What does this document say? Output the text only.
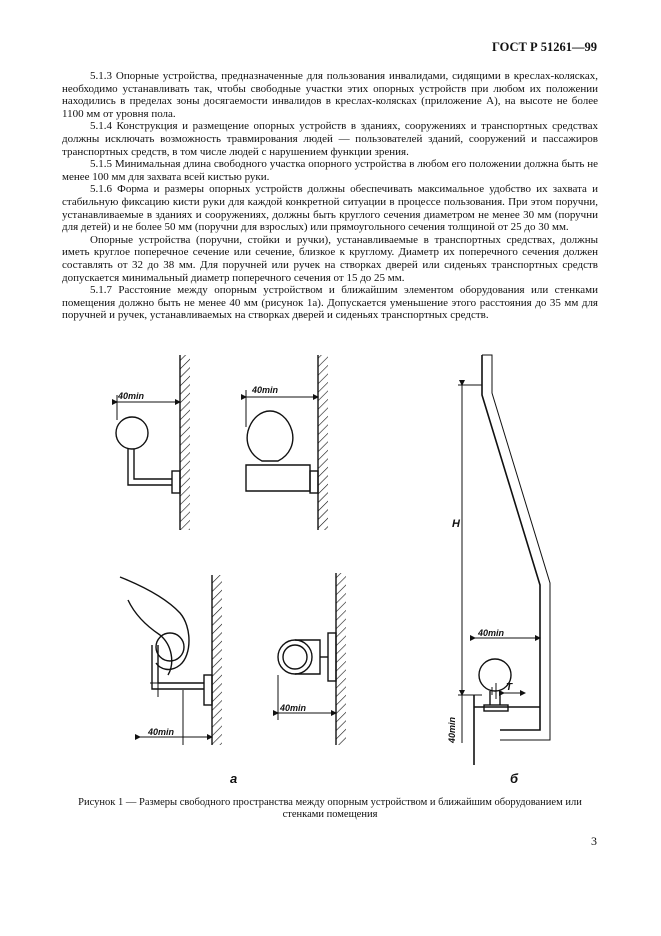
ГОСТ Р 51261—99

5.1.3 Опорные устройства, предназначенные для пользования инвалидами, сидящими в креслах-колясках, необходимо устанавливать так, чтобы свободные участки этих опорных устройств при любом их положении находились в пределах зоны досягаемости инвалидов в креслах-колясках (приложение А), на высоте не более 1100 мм от уровня пола.

5.1.4 Конструкция и размещение опорных устройств в зданиях, сооружениях и транспортных средствах должны исключать возможность травмирования людей — пользователей зданий, сооружений и пассажиров транспортных средств, в том числе людей с нарушением функции зрения.

5.1.5 Минимальная длина свободного участка опорного устройства в любом его положении должна быть не менее 100 мм для захвата всей кистью руки.

5.1.6 Форма и размеры опорных устройств должны обеспечивать максимальное удобство их захвата и стабильную фиксацию кисти руки для каждой конкретной ситуации в процессе пользования. При этом поручни, устанавливаемые в зданиях и сооружениях, должны быть круглого сечения диаметром не менее 30 мм (поручни для детей) и не более 50 мм (поручни для взрослых) или прямоугольного сечения толщиной от 25 до 30 мм.

Опорные устройства (поручни, стойки и ручки), устанавливаемые в транспортных средствах, должны иметь круглое поперечное сечение или сечение, близкое к круглому. Диаметр их поперечного сечения должен составлять от 32 до 38 мм. Для поручней или ручек на створках дверей или сиденьях транспортных средств допускается минимальный диаметр поперечного сечения от 15 до 25 мм.

5.1.7 Расстояние между опорным устройством и ближайшим элементом оборудования или стенками помещения должно быть не менее 40 мм (рисунок 1а). Допускается уменьшение этого расстояния до 35 мм для поручней и ручек, устанавливаемых на створках дверей и сиденьях транспортных средств.

40min
40min
40min
40min
40min
40min
H
T
а	б
Рисунок 1 — Размеры свободного пространства между опорным устройством и ближайшим оборудованием или стенками помещения
3
